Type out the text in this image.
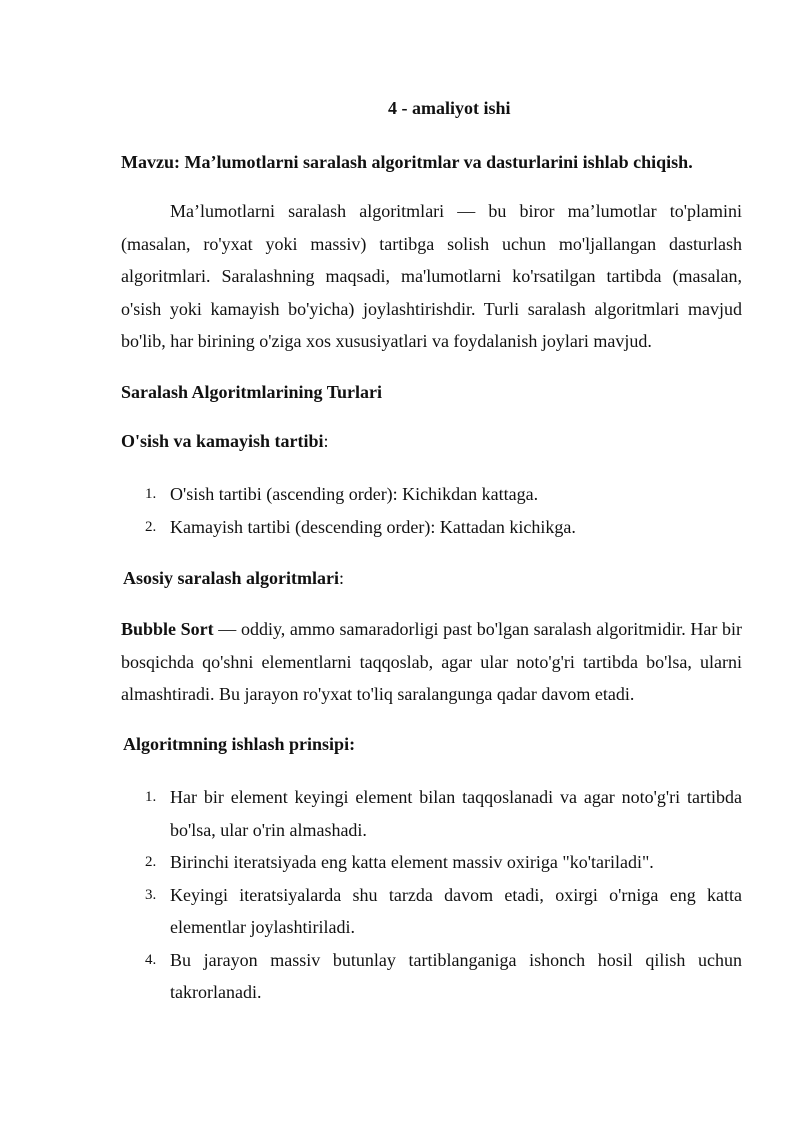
4 - amaliyot ishi
Mavzu: Ma’lumotlarni saralash algoritmlar va dasturlarini ishlab chiqish.
Ma’lumotlarni saralash algoritmlari — bu biror ma’lumotlar to'plamini (masalan, ro'yxat yoki massiv) tartibga solish uchun mo'ljallangan dasturlash algoritmlari. Saralashning maqsadi, ma'lumotlarni ko'rsatilgan tartibda (masalan, o'sish yoki kamayish bo'yicha) joylashtirishdir. Turli saralash algoritmlari mavjud bo'lib, har birining o'ziga xos xususiyatlari va foydalanish joylari mavjud.
Saralash Algoritmlarining Turlari
O'sish va kamayish tartibi:
1. O'sish tartibi (ascending order): Kichikdan kattaga.
2. Kamayish tartibi (descending order): Kattadan kichikga.
Asosiy saralash algoritmlari:
Bubble Sort — oddiy, ammo samaradorligi past bo'lgan saralash algoritmidir. Har bir bosqichda qo'shni elementlarni taqqoslab, agar ular noto'g'ri tartibda bo'lsa, ularni almashtiradi. Bu jarayon ro'yxat to'liq saralangunga qadar davom etadi.
Algoritmning ishlash prinsipi:
1. Har bir element keyingi element bilan taqqoslanadi va agar noto'g'ri tartibda bo'lsa, ular o'rin almashadi.
2. Birinchi iteratsiyada eng katta element massiv oxiriga "ko'tariladi".
3. Keyingi iteratsiyalarda shu tarzda davom etadi, oxirgi o'rniga eng katta elementlar joylashtiriladi.
4. Bu jarayon massiv butunlay tartiblanganiga ishonch hosil qilish uchun takrorlanadi.
